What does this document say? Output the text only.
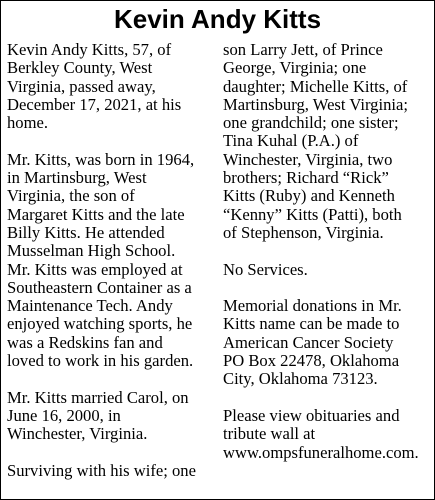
Kevin Andy Kitts

Kevin Andy Kitts, 57, of
Berkley County, West
Virginia, passed away,
December 17, 2021, at his
home.

Mr. Kitts, was born in 1964,
in Martinsburg, West
Virginia, the son of
Margaret Kitts and the late
Billy Kitts. He attended
Musselman High School.
Mr. Kitts was employed at
Southeastern Container as a
Maintenance Tech. Andy
enjoyed watching sports, he
was a Redskins fan and
loved to work in his garden.

Mr. Kitts married Carol, on
June 16, 2000, in
Winchester, Virginia.

Surviving with his wife; one

son Larry Jett, of Prince
George, Virginia; one
daughter; Michelle Kitts, of
Martinsburg, West Virginia;
one grandchild; one sister;
Tina Kuhal (P.A.) of
Winchester, Virginia, two
brothers; Richard “Rick”
Kitts (Ruby) and Kenneth
“Kenny” Kitts (Patti), both
of Stephenson, Virginia.

No Services.

Memorial donations in Mr.
Kitts name can be made to
American Cancer Society
PO Box 22478, Oklahoma
City, Oklahoma 73123.

Please view obituaries and
tribute wall at
www.ompsfuneralhome.com.
